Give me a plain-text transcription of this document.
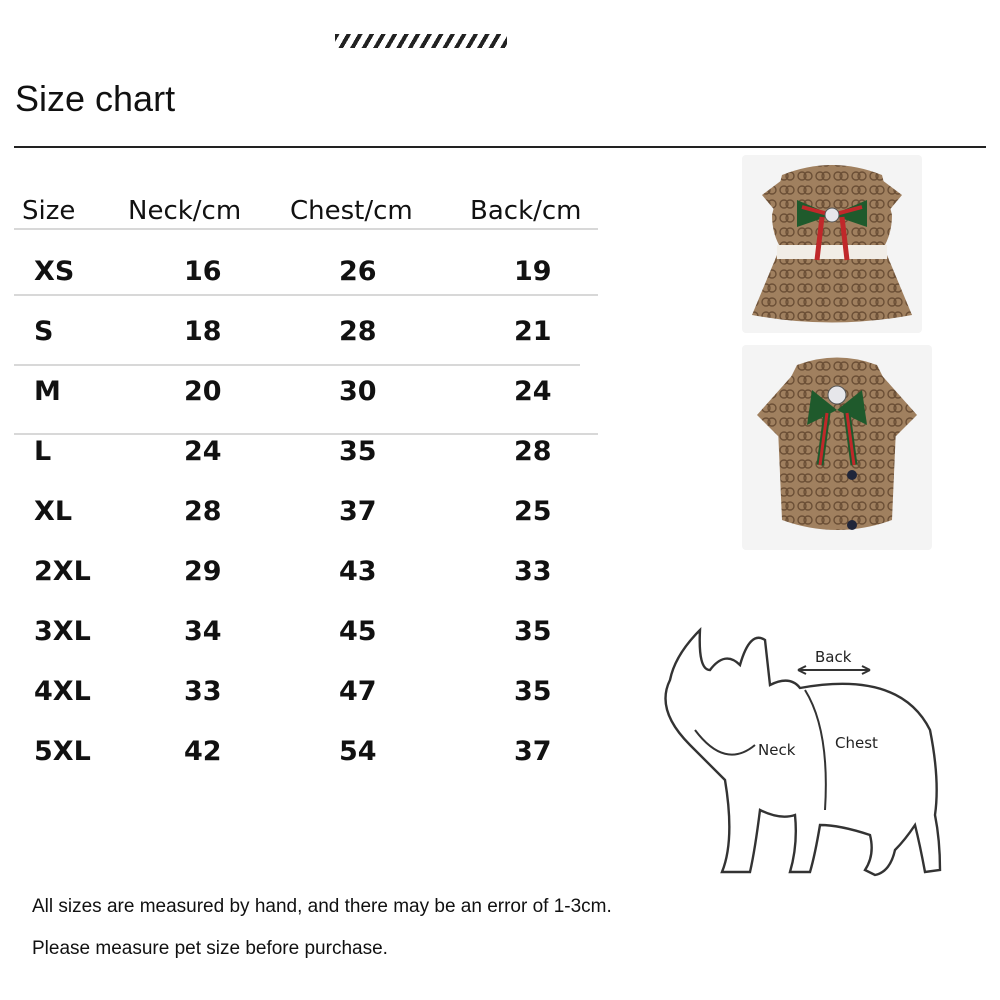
Size chart
Size Neck/cm Chest/cm Back/cm
XS	16	26	19
S	18	28	21
M	20	30	24
L	24	35	28
XL	28	37	25
2XL	29	43	33
3XL	34	45	35
4XL	33	47	35
5XL	42	54	37
Back
Neck	Chest
All sizes are measured by hand, and there may be an error of 1-3cm.
Please measure pet size before purchase.
